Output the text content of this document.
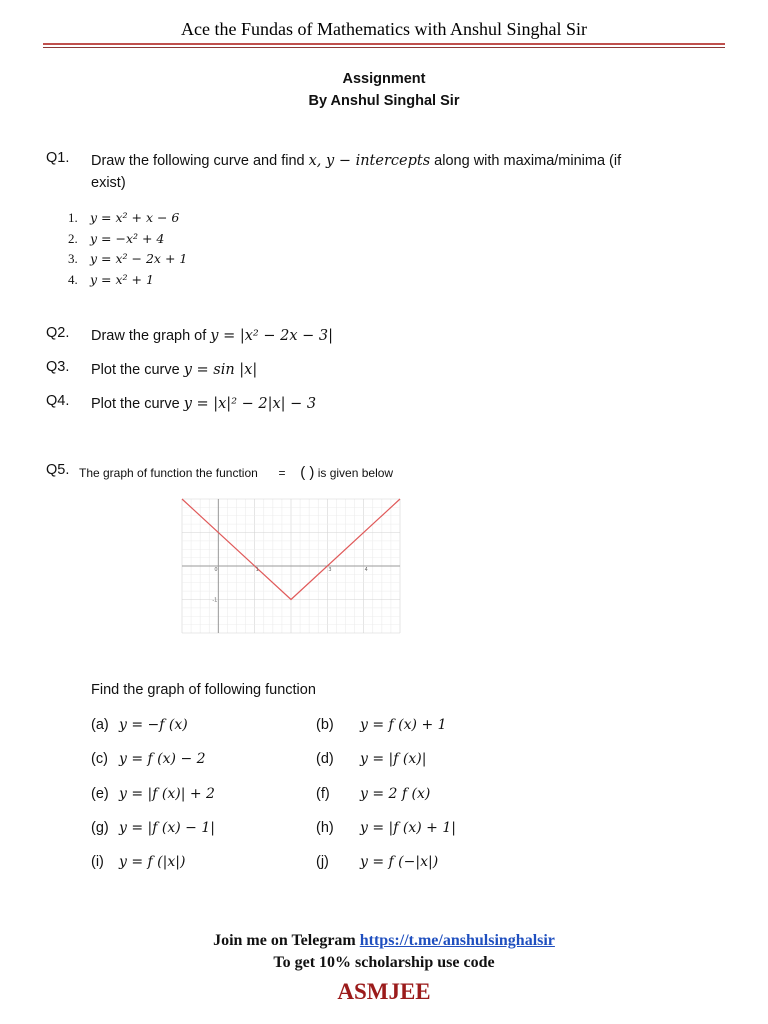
Ace the Fundas of Mathematics with Anshul Singhal Sir
Assignment
By Anshul Singhal Sir
Q1. Draw the following curve and find x, y − intercepts along with maxima/minima (if
exist)
1. y = x² + x − 6
2. y = −x² + 4
3. y = x² − 2x + 1
4. y = x² + 1
Q2. Draw the graph of y = |x² − 2x − 3|
Q3. Plot the curve y = sin |x|
Q4. Plot the curve y = |x|² − 2|x| − 3
Q5. The graph of function the function = ( ) is given below
0	1	3	4
-1
Find the graph of following function
(a) y = −f (x)	(b) y = f (x) + 1
(c) y = f (x) − 2	(d) y = |f (x)|
(e) y = |f (x)| + 2	(f) y = 2 f (x)
(g) y = |f (x) − 1|	(h) y = |f (x) + 1|
(i) y = f (|x|)	(j) y = f (−|x|)
Join me on Telegram https://t.me/anshulsinghalsir
To get 10% scholarship use code
ASMJEE
